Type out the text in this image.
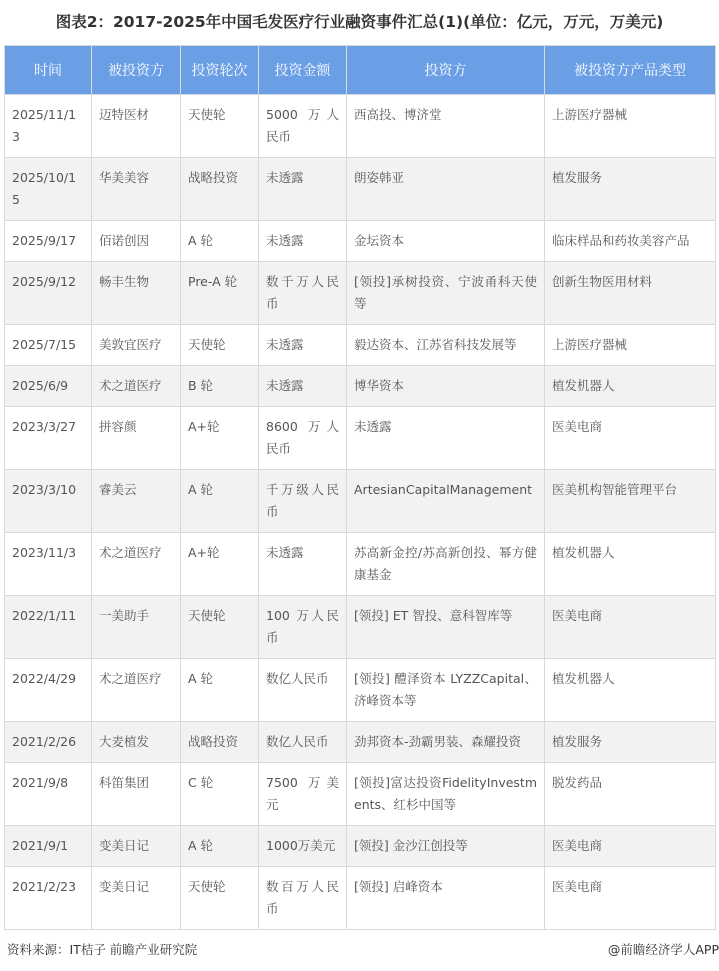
图表2：2017-2025年中国毛发医疗行业融资事件汇总(1)(单位：亿元，万元，万美元)
时间	被投资方	投资轮次	投资金额	投资方	被投资方产品类型
2025/11/13	迈特医材	天使轮	5000 万人民币	西高投、博济堂	上游医疗器械
2025/10/15	华美美容	战略投资	未透露	朗姿韩亚	植发服务
2025/9/17	佰诺创因	A 轮	未透露	金坛资本	临床样品和药妆美容产品
2025/9/12	畅丰生物	Pre-A 轮	数千万人民币	[领投]承树投资、宁波甬科天使等	创新生物医用材料
2025/7/15	美敦宜医疗	天使轮	未透露	毅达资本、江苏省科技发展等	上游医疗器械
2025/6/9	术之道医疗	B 轮	未透露	博华资本	植发机器人
2023/3/27	拼容颜	A+轮	8600 万人民币	未透露	医美电商
2023/3/10	睿美云	A 轮	千万级人民币	ArtesianCapitalManagement	医美机构智能管理平台
2023/11/3	术之道医疗	A+轮	未透露	苏高新金控/苏高新创投、幂方健康基金	植发机器人
2022/1/11	一美助手	天使轮	100 万人民币	[领投] ET 智投、意科智库等	医美电商
2022/4/29	术之道医疗	A 轮	数亿人民币	[领投] 醴泽资本 LYZZCapital、济峰资本等	植发机器人
2021/2/26	大麦植发	战略投资	数亿人民币	劲邦资本-劲霸男装、森耀投资	植发服务
2021/9/8	科笛集团	C 轮	7500 万美元	[领投]富达投资FidelityInvestments、红杉中国等	脱发药品
2021/9/1	变美日记	A 轮	1000万美元	[领投] 金沙江创投等	医美电商
2021/2/23	变美日记	天使轮	数百万人民币	[领投] 启峰资本	医美电商
资料来源：IT桔子 前瞻产业研究院	@前瞻经济学人APP
